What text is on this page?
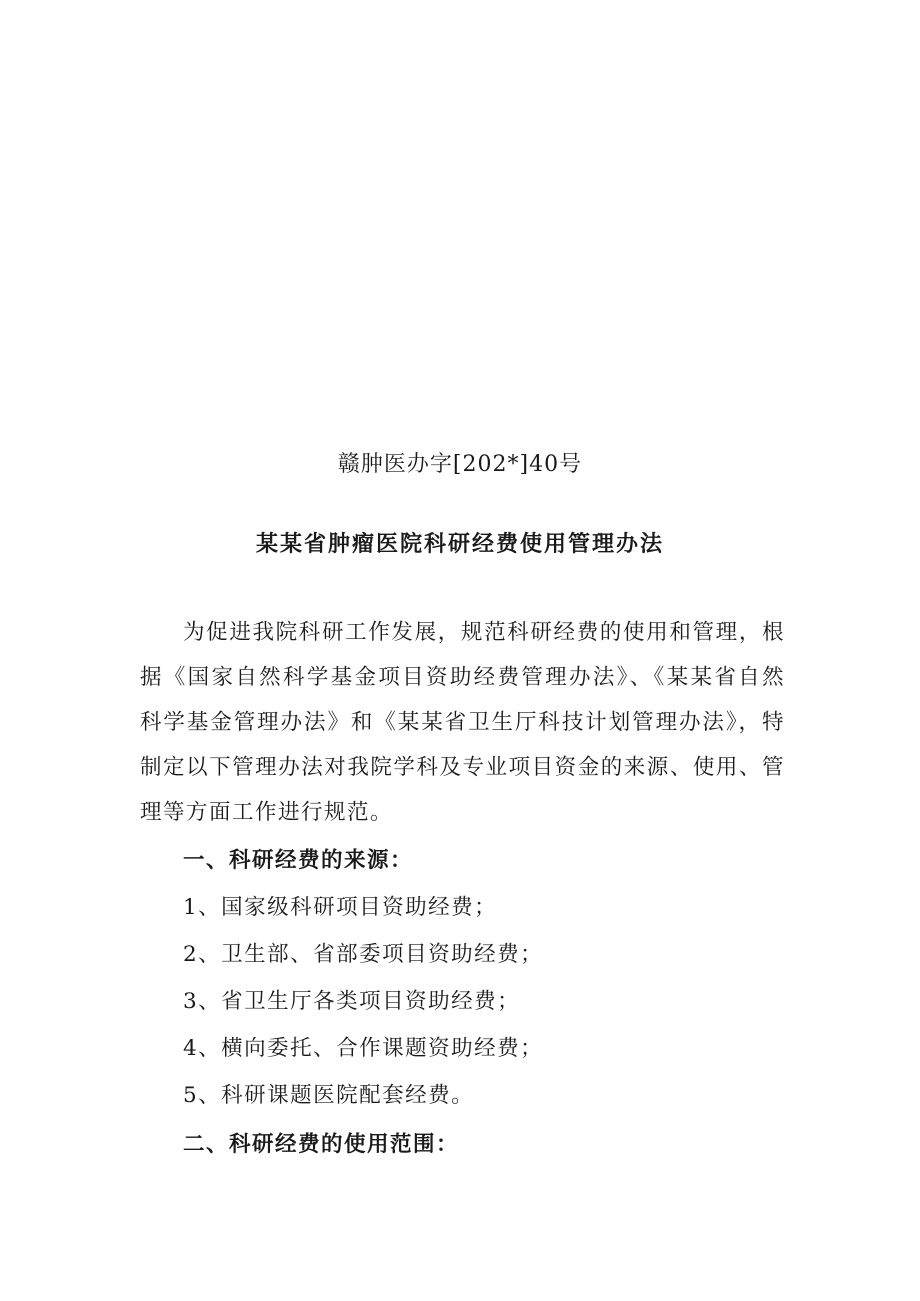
赣肿医办字[202*]40号
某某省肿瘤医院科研经费使用管理办法

为促进我院科研工作发展，规范科研经费的使用和管理，根据《国家自然科学基金项目资助经费管理办法》、《某某省自然科学基金管理办法》和《某某省卫生厅科技计划管理办法》，特制定以下管理办法对我院学科及专业项目资金的来源、使用、管理等方面工作进行规范。

一、科研经费的来源：

1、国家级科研项目资助经费；

2、卫生部、省部委项目资助经费；

3、省卫生厅各类项目资助经费；

4、横向委托、合作课题资助经费；

5、科研课题医院配套经费。

二、科研经费的使用范围：
